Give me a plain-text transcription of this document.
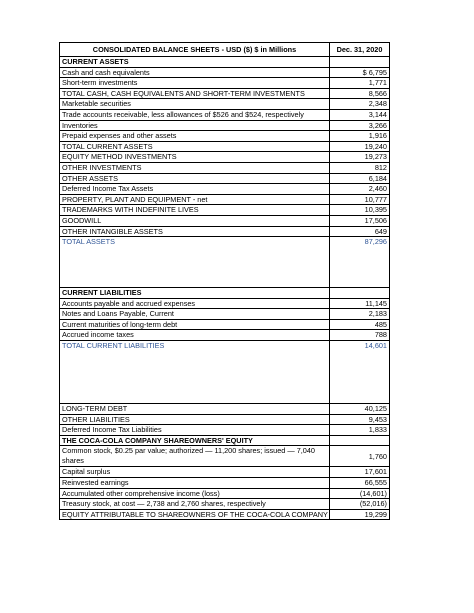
CONSOLIDATED BALANCE SHEETS - USD ($) $ in Millions	Dec. 31, 2020
CURRENT ASSETS	
Cash and cash equivalents	$ 6,795
Short-term investments	1,771
TOTAL CASH, CASH EQUIVALENTS AND SHORT-TERM INVESTMENTS	8,566
Marketable securities	2,348
Trade accounts receivable, less allowances of $526 and $524, respectively	3,144
Inventories	3,266
Prepaid expenses and other assets	1,916
TOTAL CURRENT ASSETS	19,240
EQUITY METHOD INVESTMENTS	19,273
OTHER INVESTMENTS	812
OTHER ASSETS	6,184
Deferred Income Tax Assets	2,460
PROPERTY, PLANT AND EQUIPMENT - net	10,777
TRADEMARKS WITH INDEFINITE LIVES	10,395
GOODWILL	17,506
OTHER INTANGIBLE ASSETS	649
TOTAL ASSETS	87,296
CURRENT LIABILITIES	
Accounts payable and accrued expenses	11,145
Notes and Loans Payable, Current	2,183
Current maturities of long-term debt	485
Accrued income taxes	788
TOTAL CURRENT LIABILITIES	14,601
LONG-TERM DEBT	40,125
OTHER LIABILITIES	9,453
Deferred Income Tax Liabilities	1,833
THE COCA-COLA COMPANY SHAREOWNERS' EQUITY	
Common stock, $0.25 par value; authorized — 11,200 shares; issued — 7,040 shares	1,760
Capital surplus	17,601
Reinvested earnings	66,555
Accumulated other comprehensive income (loss)	(14,601)
Treasury stock, at cost — 2,738 and 2,760 shares, respectively	(52,016)
EQUITY ATTRIBUTABLE TO SHAREOWNERS OF THE COCA-COLA COMPANY	19,299
